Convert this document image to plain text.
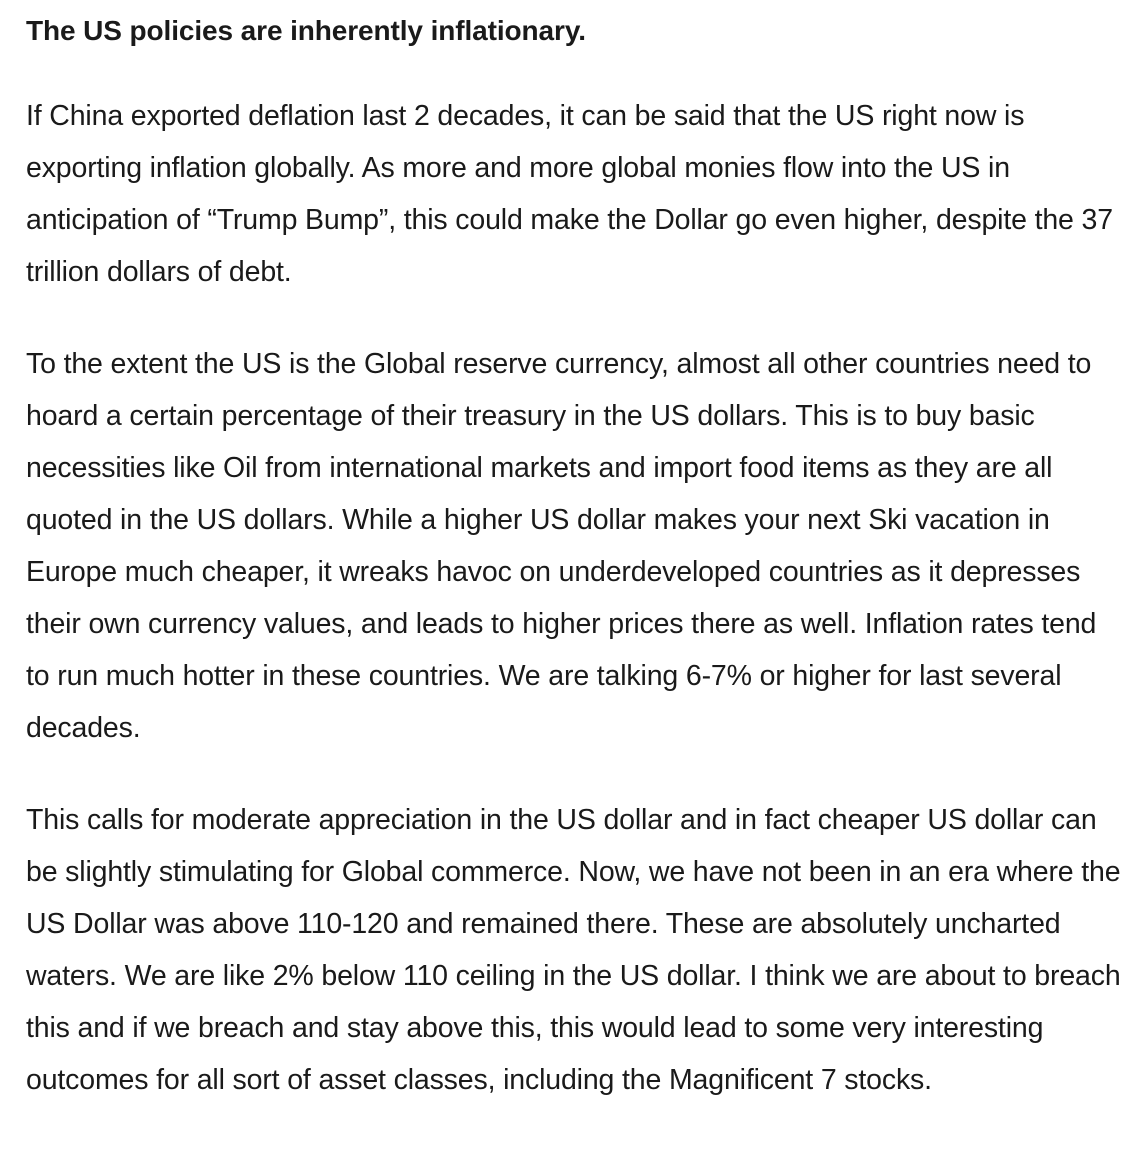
The US policies are inherently inflationary.

If China exported deflation last 2 decades, it can be said that the US right now is exporting inflation globally. As more and more global monies flow into the US in anticipation of “Trump Bump”, this could make the Dollar go even higher, despite the 37 trillion dollars of debt.

To the extent the US is the Global reserve currency, almost all other countries need to hoard a certain percentage of their treasury in the US dollars. This is to buy basic necessities like Oil from international markets and import food items as they are all quoted in the US dollars. While a higher US dollar makes your next Ski vacation in Europe much cheaper, it wreaks havoc on underdeveloped countries as it depresses their own currency values, and leads to higher prices there as well. Inflation rates tend to run much hotter in these countries. We are talking 6-7% or higher for last several decades.

This calls for moderate appreciation in the US dollar and in fact cheaper US dollar can be slightly stimulating for Global commerce. Now, we have not been in an era where the US Dollar was above 110-120 and remained there. These are absolutely uncharted waters. We are like 2% below 110 ceiling in the US dollar. I think we are about to breach this and if we breach and stay above this, this would lead to some very interesting outcomes for all sort of asset classes, including the Magnificent 7 stocks.
